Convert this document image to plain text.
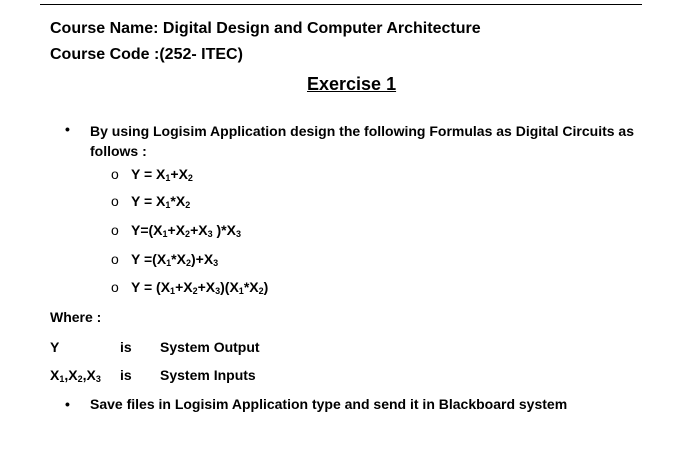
Course Name: Digital Design and Computer Architecture
Course Code :(252- ITEC)
Exercise 1
• By using Logisim Application design the following Formulas as Digital Circuits as follows :
o $Y = X_1+X_2$
o $Y = X_1*X_2$
o $Y=(X_1+X_2+X_3$ )$*X_3$
o $Y =(X_1*X_2)+X_3$
o $Y = (X_1+X_2+X_3)(X_1*X_2)$
Where :
Y	is System Output
$X_1,X_2,X_3$ is System Inputs
• Save files in Logisim Application type and send it in Blackboard system
